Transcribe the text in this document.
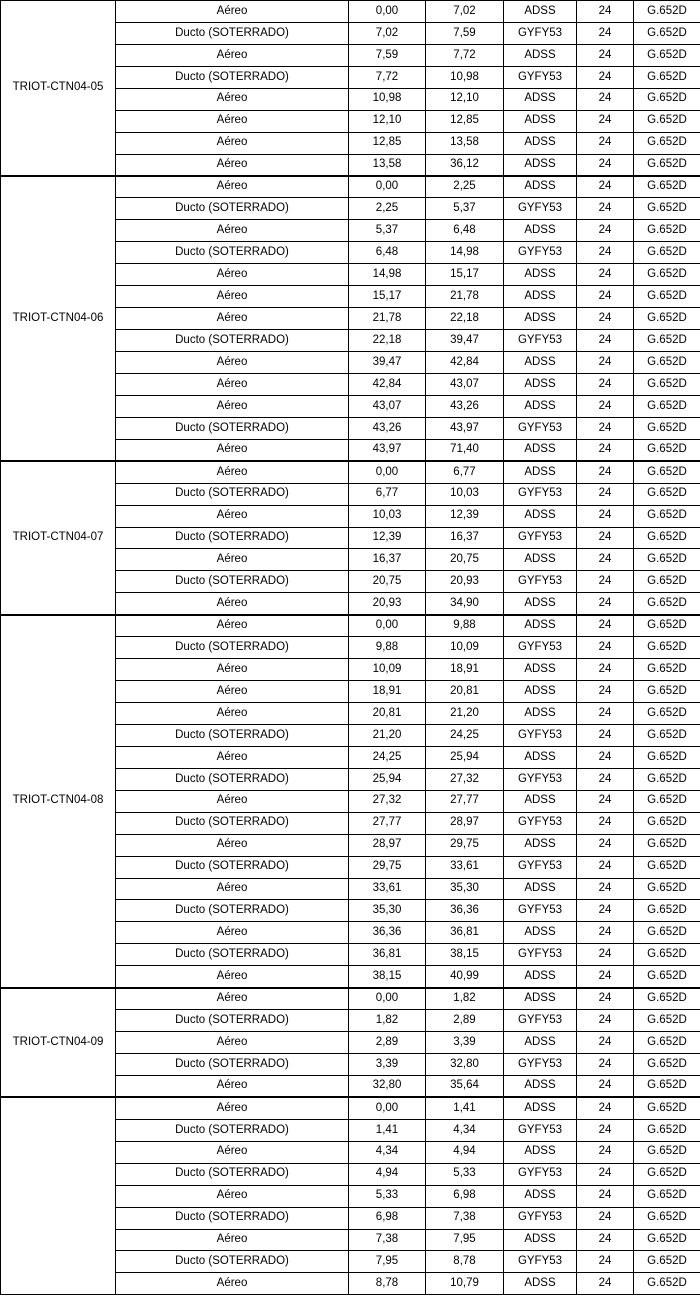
TRIOT-CTN04-05	Aéreo	0,00	7,02	ADSS	24	G.652D
	Ducto (SOTERRADO)	7,02	7,59	GYFY53	24	G.652D
	Aéreo	7,59	7,72	ADSS	24	G.652D
	Ducto (SOTERRADO)	7,72	10,98	GYFY53	24	G.652D
	Aéreo	10,98	12,10	ADSS	24	G.652D
	Aéreo	12,10	12,85	ADSS	24	G.652D
	Aéreo	12,85	13,58	ADSS	24	G.652D
	Aéreo	13,58	36,12	ADSS	24	G.652D
TRIOT-CTN04-06	Aéreo	0,00	2,25	ADSS	24	G.652D
	Ducto (SOTERRADO)	2,25	5,37	GYFY53	24	G.652D
	Aéreo	5,37	6,48	ADSS	24	G.652D
	Ducto (SOTERRADO)	6,48	14,98	GYFY53	24	G.652D
	Aéreo	14,98	15,17	ADSS	24	G.652D
	Aéreo	15,17	21,78	ADSS	24	G.652D
	Aéreo	21,78	22,18	ADSS	24	G.652D
	Ducto (SOTERRADO)	22,18	39,47	GYFY53	24	G.652D
	Aéreo	39,47	42,84	ADSS	24	G.652D
	Aéreo	42,84	43,07	ADSS	24	G.652D
	Aéreo	43,07	43,26	ADSS	24	G.652D
	Ducto (SOTERRADO)	43,26	43,97	GYFY53	24	G.652D
	Aéreo	43,97	71,40	ADSS	24	G.652D
TRIOT-CTN04-07	Aéreo	0,00	6,77	ADSS	24	G.652D
	Ducto (SOTERRADO)	6,77	10,03	GYFY53	24	G.652D
	Aéreo	10,03	12,39	ADSS	24	G.652D
	Ducto (SOTERRADO)	12,39	16,37	GYFY53	24	G.652D
	Aéreo	16,37	20,75	ADSS	24	G.652D
	Ducto (SOTERRADO)	20,75	20,93	GYFY53	24	G.652D
	Aéreo	20,93	34,90	ADSS	24	G.652D
TRIOT-CTN04-08	Aéreo	0,00	9,88	ADSS	24	G.652D
	Ducto (SOTERRADO)	9,88	10,09	GYFY53	24	G.652D
	Aéreo	10,09	18,91	ADSS	24	G.652D
	Aéreo	18,91	20,81	ADSS	24	G.652D
	Aéreo	20,81	21,20	ADSS	24	G.652D
	Ducto (SOTERRADO)	21,20	24,25	GYFY53	24	G.652D
	Aéreo	24,25	25,94	ADSS	24	G.652D
	Ducto (SOTERRADO)	25,94	27,32	GYFY53	24	G.652D
	Aéreo	27,32	27,77	ADSS	24	G.652D
	Ducto (SOTERRADO)	27,77	28,97	GYFY53	24	G.652D
	Aéreo	28,97	29,75	ADSS	24	G.652D
	Ducto (SOTERRADO)	29,75	33,61	GYFY53	24	G.652D
	Aéreo	33,61	35,30	ADSS	24	G.652D
	Ducto (SOTERRADO)	35,30	36,36	GYFY53	24	G.652D
	Aéreo	36,36	36,81	ADSS	24	G.652D
	Ducto (SOTERRADO)	36,81	38,15	GYFY53	24	G.652D
	Aéreo	38,15	40,99	ADSS	24	G.652D
TRIOT-CTN04-09	Aéreo	0,00	1,82	ADSS	24	G.652D
	Ducto (SOTERRADO)	1,82	2,89	GYFY53	24	G.652D
	Aéreo	2,89	3,39	ADSS	24	G.652D
	Ducto (SOTERRADO)	3,39	32,80	GYFY53	24	G.652D
	Aéreo	32,80	35,64	ADSS	24	G.652D
	Aéreo	0,00	1,41	ADSS	24	G.652D
	Ducto (SOTERRADO)	1,41	4,34	GYFY53	24	G.652D
	Aéreo	4,34	4,94	ADSS	24	G.652D
	Ducto (SOTERRADO)	4,94	5,33	GYFY53	24	G.652D
	Aéreo	5,33	6,98	ADSS	24	G.652D
	Ducto (SOTERRADO)	6,98	7,38	GYFY53	24	G.652D
	Aéreo	7,38	7,95	ADSS	24	G.652D
	Ducto (SOTERRADO)	7,95	8,78	GYFY53	24	G.652D
	Aéreo	8,78	10,79	ADSS	24	G.652D
